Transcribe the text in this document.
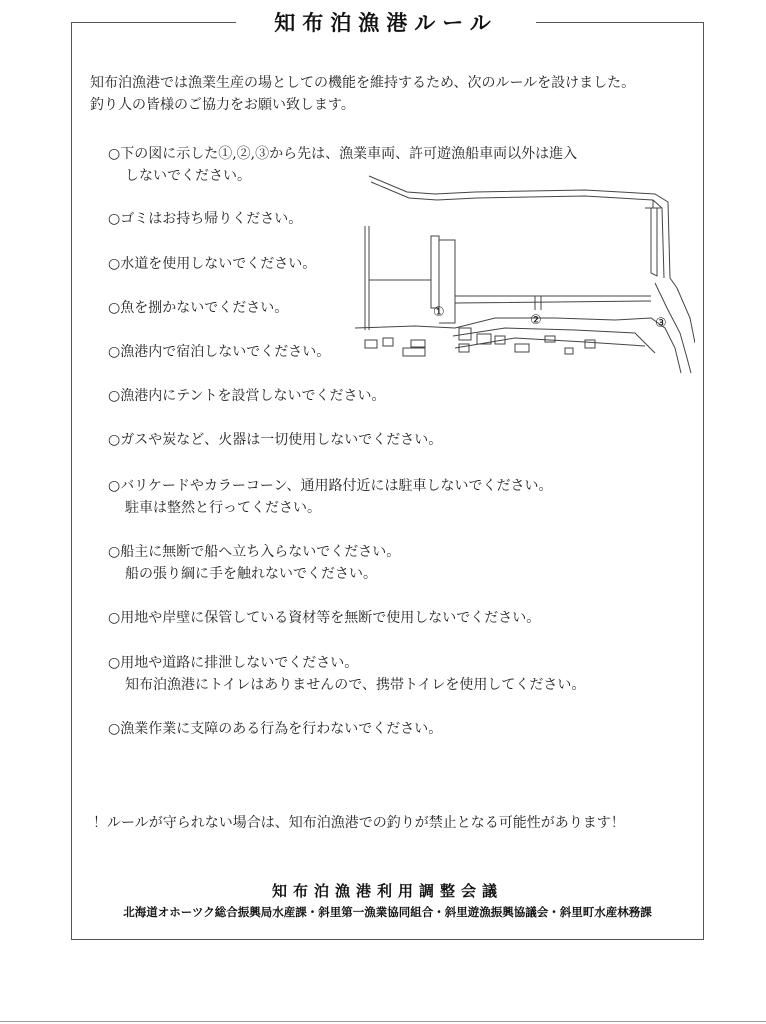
知布泊漁港ルール
知布泊漁港では漁業生産の場としての機能を維持するため、次のルールを設けました。
釣り人の皆様のご協力をお願い致します。
○下の図に示した①,②,③から先は、漁業車両、許可遊漁船車両以外は進入
しないでください。
○ゴミはお持ち帰りください。
○水道を使用しないでください。
○魚を捌かないでください。
○漁港内で宿泊しないでください。
○漁港内にテントを設営しないでください。
○ガスや炭など、火器は一切使用しないでください。
○バリケードやカラーコーン、通用路付近には駐車しないでください。
駐車は整然と行ってください。
○船主に無断で船へ立ち入らないでください。
船の張り綱に手を触れないでください。
○用地や岸壁に保管している資材等を無断で使用しないでください。
○用地や道路に排泄しないでください。
知布泊漁港にトイレはありませんので、携帯トイレを使用してください。
○漁業作業に支障のある行為を行わないでください。
①
②	③
！ルールが守られない場合は、知布泊漁港での釣りが禁止となる可能性があります！
知布泊漁港利用調整会議
北海道オホーツク総合振興局水産課・斜里第一漁業協同組合・斜里遊漁振興協議会・斜里町水産林務課
